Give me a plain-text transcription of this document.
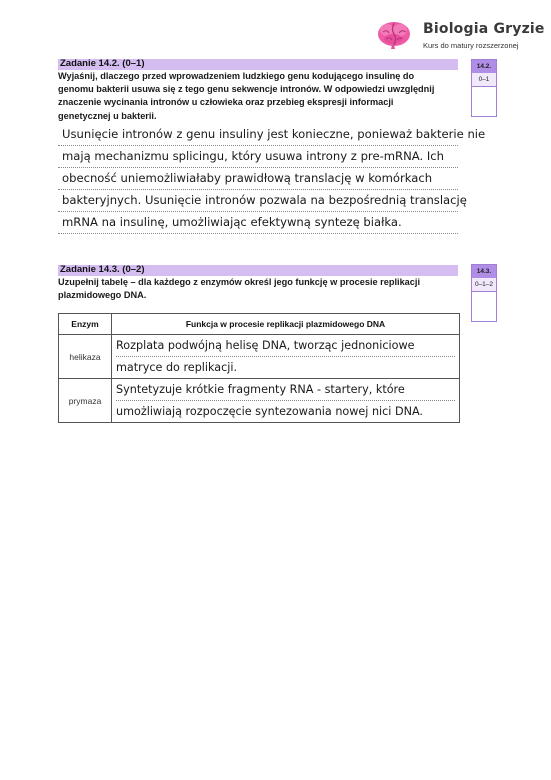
Biologia Gryzie
Kurs do matury rozszerzonej
Zadanie 14.2. (0–1)
Wyjaśnij, dlaczego przed wprowadzeniem ludzkiego genu kodującego insulinę do
genomu bakterii usuwa się z tego genu sekwencje intronów. W odpowiedzi uwzględnij
znaczenie wycinania intronów u człowieka oraz przebieg ekspresji informacji
genetycznej u bakterii.
14.2.
0–1
Usunięcie intronów z genu insuliny jest konieczne, ponieważ bakterie nie
mają mechanizmu splicingu, który usuwa introny z pre-mRNA. Ich
obecność uniemożliwiałaby prawidłową translację w komórkach
bakteryjnych. Usunięcie intronów pozwala na bezpośrednią translację
mRNA na insulinę, umożliwiając efektywną syntezę białka.
Zadanie 14.3. (0–2)
Uzupełnij tabelę – dla każdego z enzymów określ jego funkcję w procesie replikacji
plazmidowego DNA.
14.3.
0–1–2
Enzym	Funkcja w procesie replikacji plazmidowego DNA
helikaza	Rozplata podwójną helisę DNA, tworząc jednoniciowe
matryce do replikacji.

prymaza	Syntetyzuje krótkie fragmenty RNA - startery, które
umożliwiają rozpoczęcie syntezowania nowej nici DNA.
